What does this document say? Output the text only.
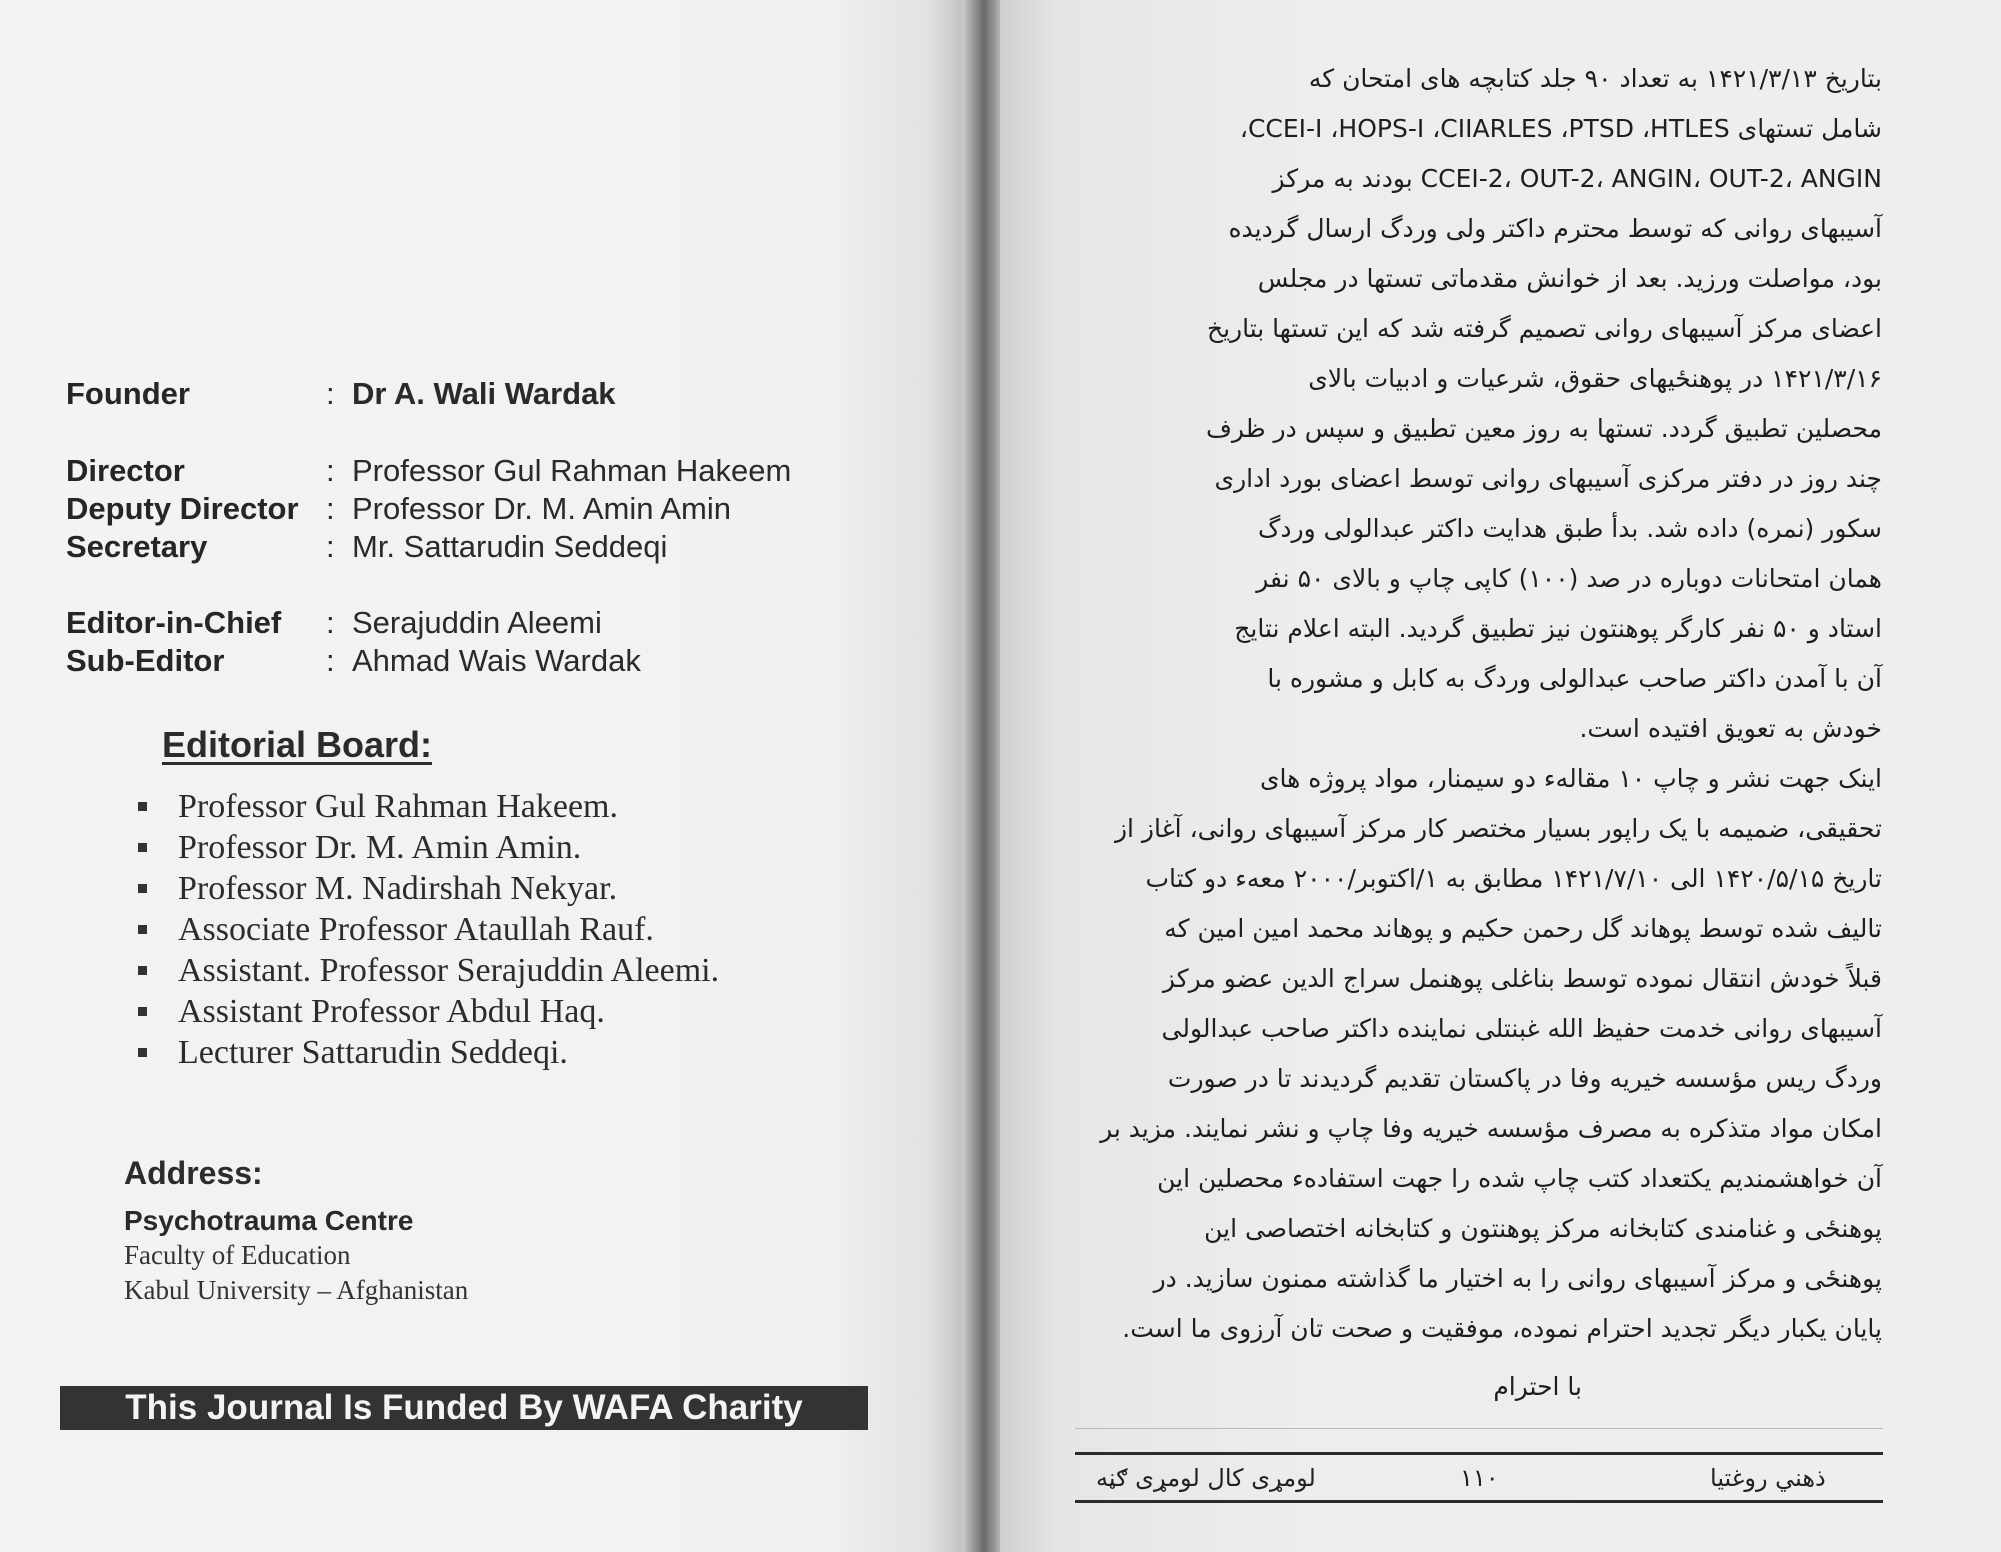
Founder	: Dr A. Wali Wardak
Director	: Professor Gul Rahman Hakeem
Deputy Director : Professor Dr. M. Amin Amin
Secretary	: Mr. Sattarudin Seddeqi
Editor-in-Chief : Serajuddin Aleemi
Sub-Editor	: Ahmad Wais Wardak
Editorial Board:
Professor Gul Rahman Hakeem.
Professor Dr. M. Amin Amin.
Professor M. Nadirshah Nekyar.
Associate Professor Ataullah Rauf.
Assistant. Professor Serajuddin Aleemi.
Assistant Professor Abdul Haq.
Lecturer Sattarudin Seddeqi.
Address:
Psychotrauma Centre
Faculty of Education
Kabul University – Afghanistan
This Journal Is Funded By WAFA Charity
بتاریخ ۱۴۲۱/۳/۱۳ به تعداد ۹۰ جلد کتابچه های امتحان که
شامل تستهای CCEI-I ،HOPS-I ،CIIARLES ،PTSD ،HTLES،
CCEI-2، OUT-2، ANGIN، OUT-2، ANGIN بودند به مرکز
آسیبهای روانی که توسط محترم داکتر ولی وردگ ارسال گردیده
بود، مواصلت ورزید. بعد از خوانش مقدماتی تستها در مجلس
اعضای مرکز آسیبهای روانی تصمیم گرفته شد که این تستها بتاریخ
۱۴۲۱/۳/۱۶ در پوهنځیهای حقوق، شرعیات و ادبیات بالای
محصلین تطبیق گردد. تستها به روز معین تطبیق و سپس در ظرف
چند روز در دفتر مرکزی آسیبهای روانی توسط اعضای بورد اداری
سکور (نمره) داده شد. بدأ طبق هدایت داکتر عبدالولی وردگ
همان امتحانات دوباره در صد (۱۰۰) کاپی چاپ و بالای ۵۰ نفر
استاد و ۵۰ نفر کارگر پوهنتون نیز تطبیق گردید. البته اعلام نتایج
آن با آمدن داکتر صاحب عبدالولی وردگ به کابل و مشوره با
خودش به تعویق افتیده است.
اینک جهت نشر و چاپ ۱۰ مقالهء دو سیمنار، مواد پروژه های
تحقیقی، ضمیمه با یک راپور بسیار مختصر کار مرکز آسیبهای روانی، آغاز از
تاریخ ۱۴۲۰/۵/۱۵ الی ۱۴۲۱/۷/۱۰ مطابق به ۱/اکتوبر/۲۰۰۰ معهء دو کتاب
تالیف شده توسط پوهاند گل رحمن حکیم و پوهاند محمد امین امین که
قبلاً خودش انتقال نموده توسط بناغلی پوهنمل سراج الدین عضو مرکز
آسیبهای روانی خدمت حفیظ الله غبنتلی نماینده داکتر صاحب عبدالولی
وردگ ریس مؤسسه خیریه وفا در پاکستان تقدیم گردیدند تا در صورت
امکان مواد متذکره به مصرف مؤسسه خیریه وفا چاپ و نشر نمایند. مزید بر
آن خواهشمندیم یکتعداد کتب چاپ شده را جهت استفادهء محصلین این
پوهنځی و غنامندی کتابخانه مرکز پوهنتون و کتابخانه اختصاصی این
پوهنځی و مرکز آسیبهای روانی را به اختیار ما گذاشته ممنون سازید. در
پایان یکبار دیگر تجدید احترام نموده، موفقیت و صحت تان آرزوی ما است.
با احترام
لومړی کال لومړی ګڼه	۱۱۰	ذهني روغتیا
